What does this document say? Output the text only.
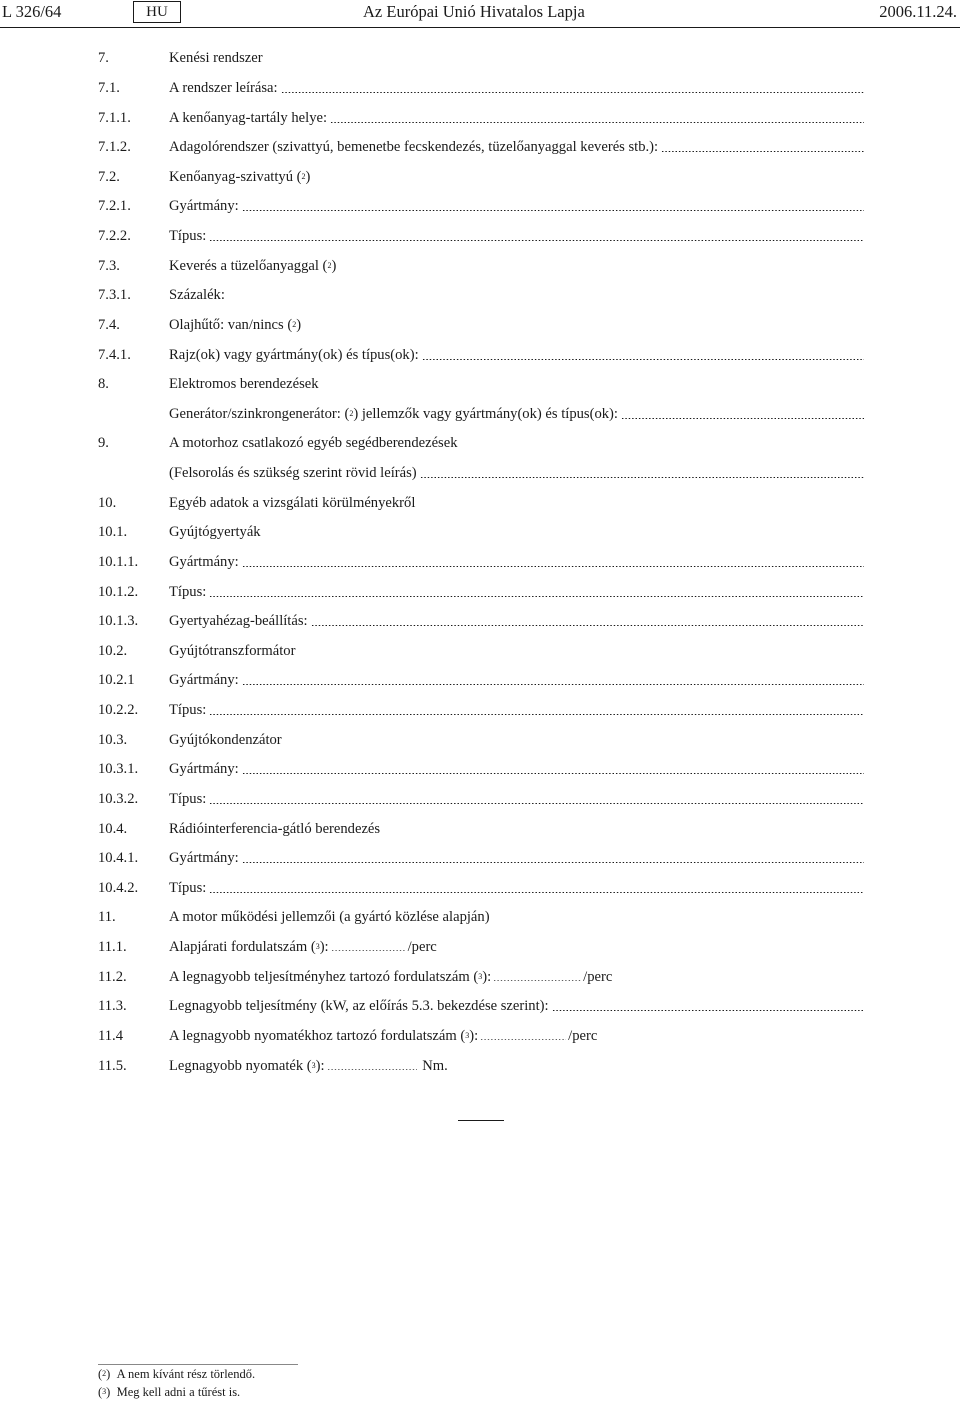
L 326/64	HU	Az Európai Unió Hivatalos Lapja	2006.11.24.
7.	Kenési rendszer
7.1.	A rendszer leírása:
7.1.1.	A kenőanyag-tartály helye:
7.1.2.	Adagolórendszer (szivattyú, bemenetbe fecskendezés, tüzelőanyaggal keverés stb.):
7.2.	Kenőanyag-szivattyú ($^2$)
7.2.1.	Gyártmány:
7.2.2.	Típus:
7.3.	Keverés a tüzelőanyaggal ($^2$)
7.3.1.	Százalék:
7.4.	Olajhűtő: van/nincs ($^2$)
7.4.1.	Rajz(ok) vagy gyártmány(ok) és típus(ok):
8.	Elektromos berendezések
Generátor/szinkrongenerátor: ($^2$) jellemzők vagy gyártmány(ok) és típus(ok):
9.	A motorhoz csatlakozó egyéb segédberendezések
(Felsorolás és szükség szerint rövid leírás)
10.	Egyéb adatok a vizsgálati körülményekről
10.1.	Gyújtógyertyák
10.1.1.	Gyártmány:
10.1.2.	Típus:
10.1.3.	Gyertyahézag-beállítás:
10.2.	Gyújtótranszformátor
10.2.1	Gyártmány:
10.2.2.	Típus:
10.3.	Gyújtókondenzátor
10.3.1.	Gyártmány:
10.3.2.	Típus:
10.4.	Rádióinterferencia-gátló berendezés
10.4.1.	Gyártmány:
10.4.2.	Típus:
11.	A motor működési jellemzői (a gyártó közlése alapján)
11.1.	Alapjárati fordulatszám ($^3$):	/perc
11.2.	A legnagyobb teljesítményhez tartozó fordulatszám ($^3$):	/perc
11.3.	Legnagyobb teljesítmény (kW, az előírás 5.3. bekezdése szerint):
11.4	A legnagyobb nyomatékhoz tartozó fordulatszám ($^3$):	/perc
11.5.	Legnagyobb nyomaték ($^3$):	Nm.
($^2$) A nem kívánt rész törlendő.
($^3$) Meg kell adni a tűrést is.
